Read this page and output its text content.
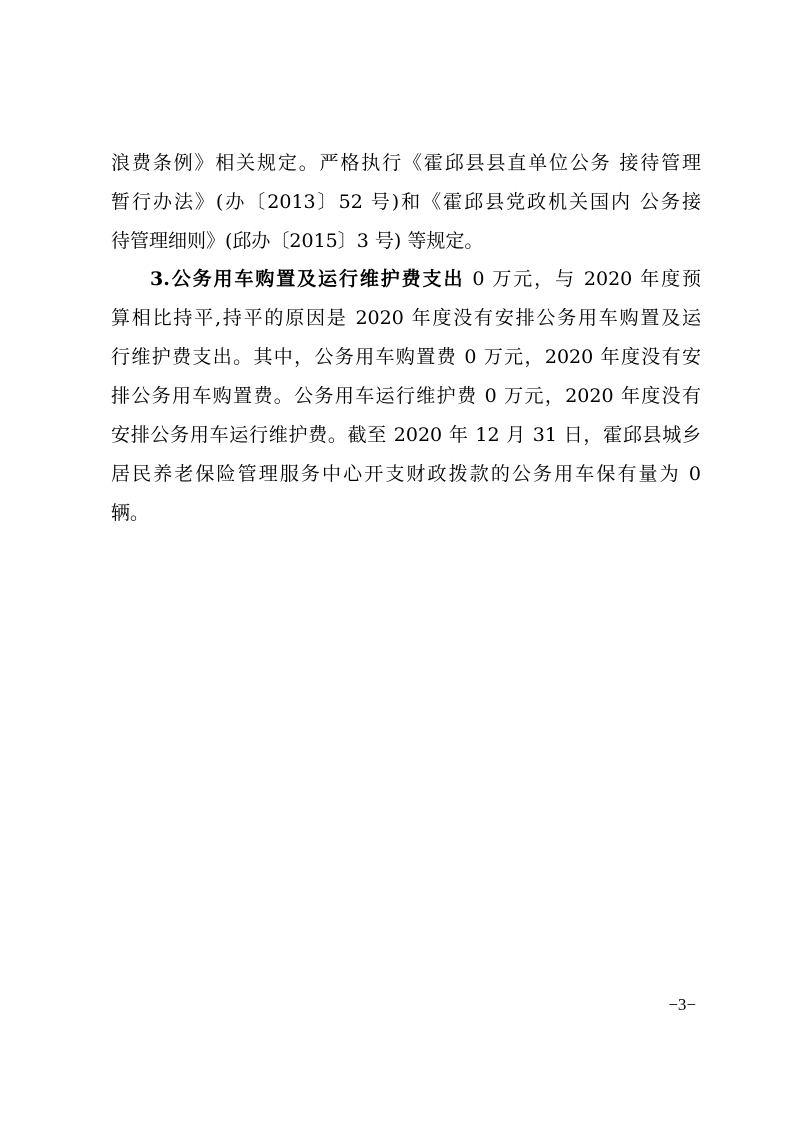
浪费条例》相关规定。严格执行《霍邱县县直单位公务 接待管理
暂行办法》(办〔2013〕52 号)和《霍邱县党政机关国内 公务接
待管理细则》(邱办〔2015〕3 号) 等规定。
3.公务用车购置及运行维护费支出 0 万元，与 2020 年度预
算相比持平,持平的原因是 2020 年度没有安排公务用车购置及运
行维护费支出。其中，公务用车购置费 0 万元，2020 年度没有安
排公务用车购置费。公务用车运行维护费 0 万元，2020 年度没有
安排公务用车运行维护费。截至 2020 年 12 月 31 日，霍邱县城乡
居民养老保险管理服务中心开支财政拨款的公务用车保有量为 0
辆。
−3−
